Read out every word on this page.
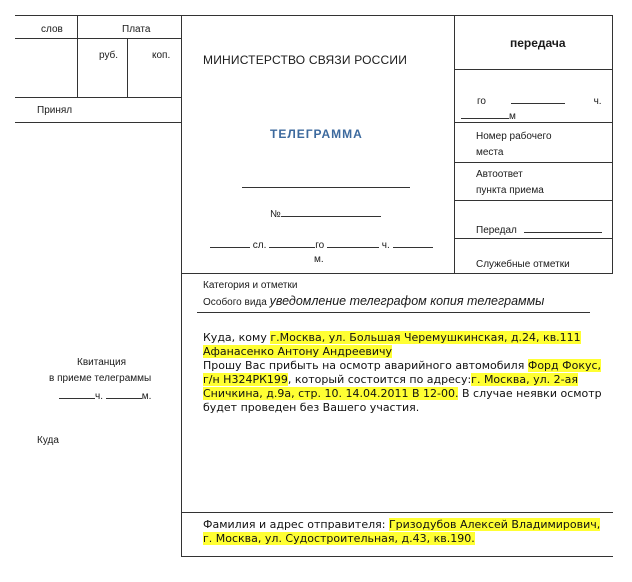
слов	Плата
руб.	коп.
Принял
Квитанция
в приеме телеграммы
ч.	м.
Куда
МИНИСТЕРСТВО СВЯЗИ РОССИИ
ТЕЛЕГРАММА
№
сл.	го	ч.
м.
передача
го	ч.
м
Номер рабочего
места
Автоответ
пункта приема
Передал
Служебные отметки
Категория и отметки
Особого вида уведомление телеграфом копия телеграммы
Куда, кому г.Москва, ул. Большая Черемушкинская, д.24, кв.111
Афанасенко Антону Андреевичу
Прошу Вас прибыть на осмотр аварийного автомобиля Форд Фокус,
г/н Н324РК199, который состоится по адресу:г. Москва, ул. 2-ая
Сничкина, д.9а, стр. 10. 14.04.2011 В 12-00. В случае неявки осмотр
будет проведен без Вашего участия.
Фамилия и адрес отправителя: Гризодубов Алексей Владимирович,
г. Москва, ул. Судостроительная, д.43, кв.190.
